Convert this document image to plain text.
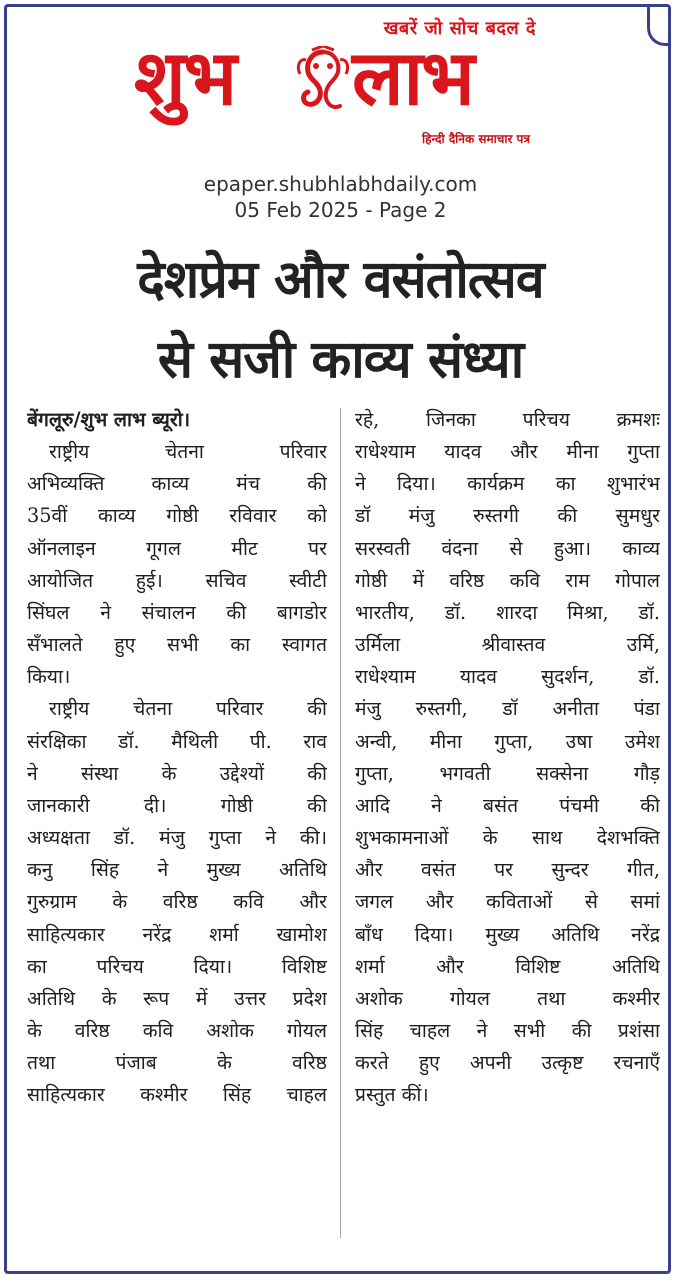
खबरें जो सोच बदल दे
शुभ लाभ
हिन्दी दैनिक समाचार पत्र
epaper.shubhlabhdaily.com
05 Feb 2025 - Page 2
देशप्रेम और वसंतोत्सव
से सजी काव्य संध्या
बेंगलूरु/शुभ लाभ ब्यूरो।
राष्ट्रीय चेतना परिवार
अभिव्यक्ति काव्य मंच की
35वीं काव्य गोष्ठी रविवार को
ऑनलाइन गूगल मीट पर
आयोजित हुई। सचिव स्वीटी
सिंघल ने संचालन की बागडोर
सँभालते हुए सभी का स्वागत
किया।
राष्ट्रीय चेतना परिवार की
संरक्षिका डॉ. मैथिली पी. राव
ने संस्था के उद्देश्यों की
जानकारी दी। गोष्ठी की
अध्यक्षता डॉ. मंजु गुप्ता ने की।
कनु सिंह ने मुख्य अतिथि
गुरुग्राम के वरिष्ठ कवि और
साहित्यकार नरेंद्र शर्मा खामोश
का परिचय दिया। विशिष्ट
अतिथि के रूप में उत्तर प्रदेश
के वरिष्ठ कवि अशोक गोयल
तथा पंजाब के वरिष्ठ
साहित्यकार कश्मीर सिंह चाहल
रहे, जिनका परिचय क्रमशः
राधेश्याम यादव और मीना गुप्ता
ने दिया। कार्यक्रम का शुभारंभ
डॉ मंजु रुस्तगी की सुमधुर
सरस्वती वंदना से हुआ। काव्य
गोष्ठी में वरिष्ठ कवि राम गोपाल
भारतीय, डॉ. शारदा मिश्रा, डॉ.
उर्मिला श्रीवास्तव उर्मि,
राधेश्याम यादव सुदर्शन, डॉ.
मंजु रुस्तगी, डॉ अनीता पंडा
अन्वी, मीना गुप्ता, उषा उमेश
गुप्ता, भगवती सक्सेना गौड़
आदि ने बसंत पंचमी की
शुभकामनाओं के साथ देशभक्ति
और वसंत पर सुन्दर गीत,
जगल और कविताओं से समां
बाँध दिया। मुख्य अतिथि नरेंद्र
शर्मा और विशिष्ट अतिथि
अशोक गोयल तथा कश्मीर
सिंह चाहल ने सभी की प्रशंसा
करते हुए अपनी उत्कृष्ट रचनाएँ
प्रस्तुत कीं।
